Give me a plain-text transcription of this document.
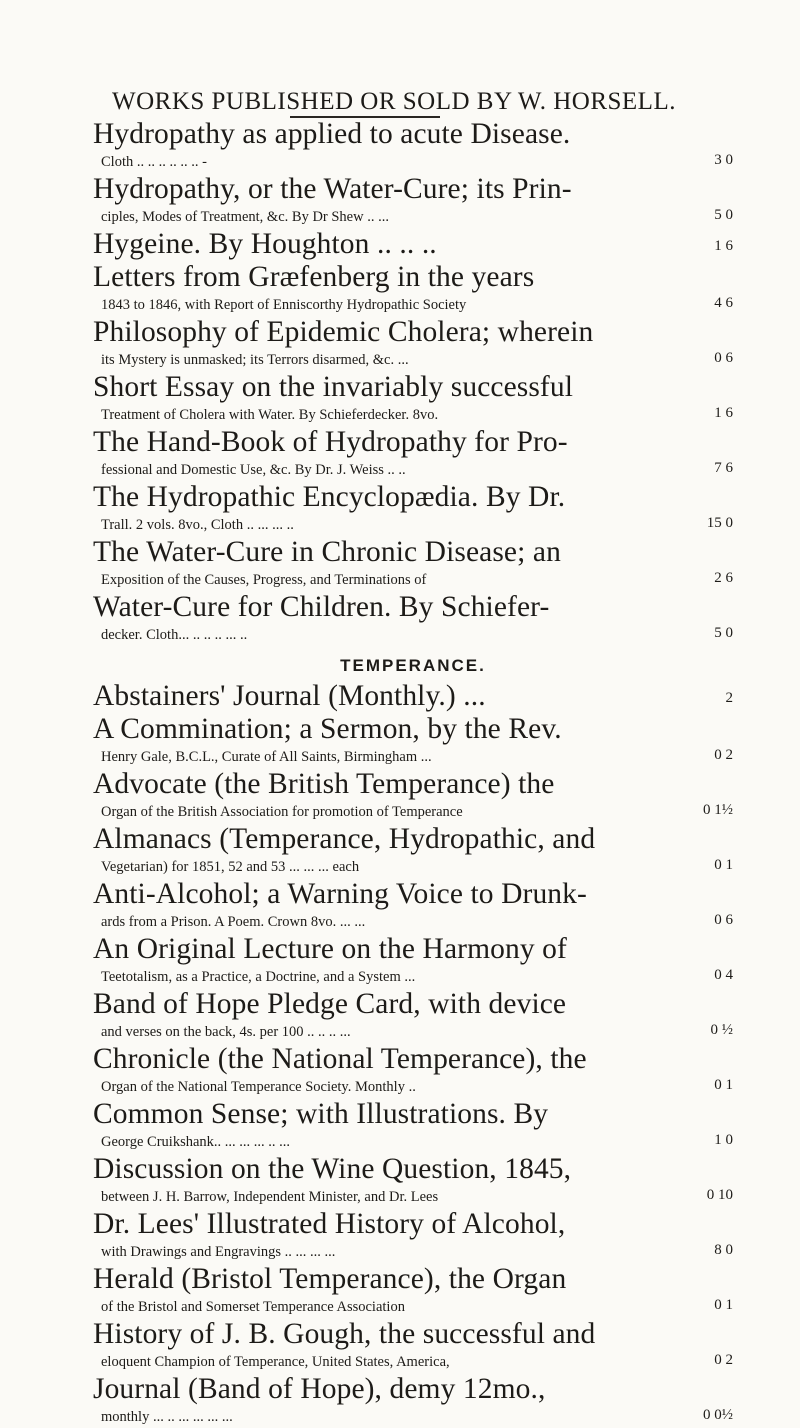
WORKS PUBLISHED OR SOLD BY W. HORSELL.
Hydropathy as applied to acute Disease.
Cloth .. .. .. .. .. .. -	3 0
Hydropathy, or the Water-Cure; its Prin-
ciples, Modes of Treatment, &c. By Dr Shew .. ...	5 0
Hygeine. By Houghton .. .. ..	1 6
Letters from Græfenberg in the years
1843 to 1846, with Report of Enniscorthy Hydropathic Society	4 6
Philosophy of Epidemic Cholera; wherein
its Mystery is unmasked; its Terrors disarmed, &c. ...	0 6
Short Essay on the invariably successful
Treatment of Cholera with Water. By Schieferdecker. 8vo.	1 6
The Hand-Book of Hydropathy for Pro-
fessional and Domestic Use, &c. By Dr. J. Weiss .. ..	7 6
The Hydropathic Encyclopædia. By Dr.
Trall. 2 vols. 8vo., Cloth .. ... ... ..	15 0
The Water-Cure in Chronic Disease; an
Exposition of the Causes, Progress, and Terminations of	2 6
Water-Cure for Children. By Schiefer-
decker. Cloth... .. .. .. ... ..	5 0
TEMPERANCE.
Abstainers' Journal (Monthly.) ...	2
A Commination; a Sermon, by the Rev.
Henry Gale, B.C.L., Curate of All Saints, Birmingham ...	0 2
Advocate (the British Temperance) the
Organ of the British Association for promotion of Temperance	0 1½
Almanacs (Temperance, Hydropathic, and
Vegetarian) for 1851, 52 and 53 ... ... ... each	0 1
Anti-Alcohol; a Warning Voice to Drunk-
ards from a Prison. A Poem. Crown 8vo. ... ...	0 6
An Original Lecture on the Harmony of
Teetotalism, as a Practice, a Doctrine, and a System ...	0 4
Band of Hope Pledge Card, with device
and verses on the back, 4s. per 100 .. .. .. ...	0 ½
Chronicle (the National Temperance), the
Organ of the National Temperance Society. Monthly ..	0 1
Common Sense; with Illustrations. By
George Cruikshank.. ... ... ... .. ...	1 0
Discussion on the Wine Question, 1845,
between J. H. Barrow, Independent Minister, and Dr. Lees	0 10
Dr. Lees' Illustrated History of Alcohol,
with Drawings and Engravings .. ... ... ...	8 0
Herald (Bristol Temperance), the Organ
of the Bristol and Somerset Temperance Association	0 1
History of J. B. Gough, the successful and
eloquent Champion of Temperance, United States, America,	0 2
Journal (Band of Hope), demy 12mo.,
monthly ... .. ... ... ... ...	0 0½
